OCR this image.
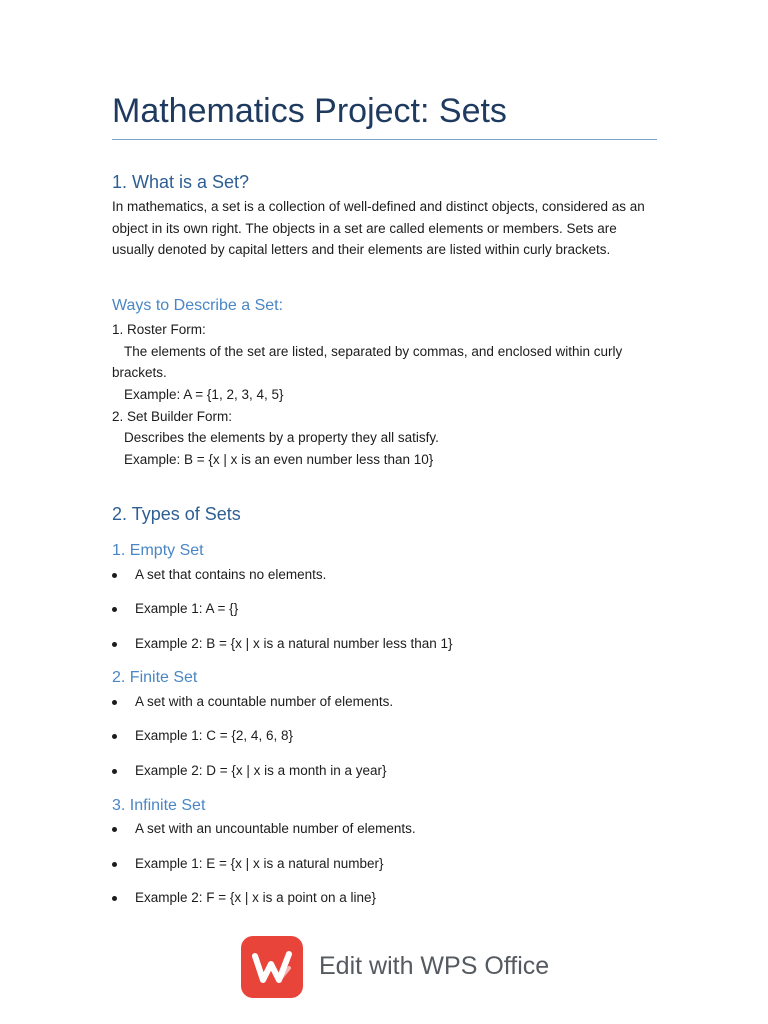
Mathematics Project: Sets
1. What is a Set?

In mathematics, a set is a collection of well-defined and distinct objects, considered as an object in its own right. The objects in a set are called elements or members. Sets are usually denoted by capital letters and their elements are listed within curly brackets.

Ways to Describe a Set:

1. Roster Form:

The elements of the set are listed, separated by commas, and enclosed within curly

brackets.

Example: A = {1, 2, 3, 4, 5}

2. Set Builder Form:

Describes the elements by a property they all satisfy.

Example: B = {x | x is an even number less than 10}

2. Types of Sets
1. Empty Set
A set that contains no elements.
Example 1: A = {}
Example 2: B = {x | x is a natural number less than 1}
2. Finite Set
A set with a countable number of elements.
Example 1: C = {2, 4, 6, 8}
Example 2: D = {x | x is a month in a year}
3. Infinite Set
A set with an uncountable number of elements.
Example 1: E = {x | x is a natural number}
Example 2: F = {x | x is a point on a line}
Edit with WPS Office
